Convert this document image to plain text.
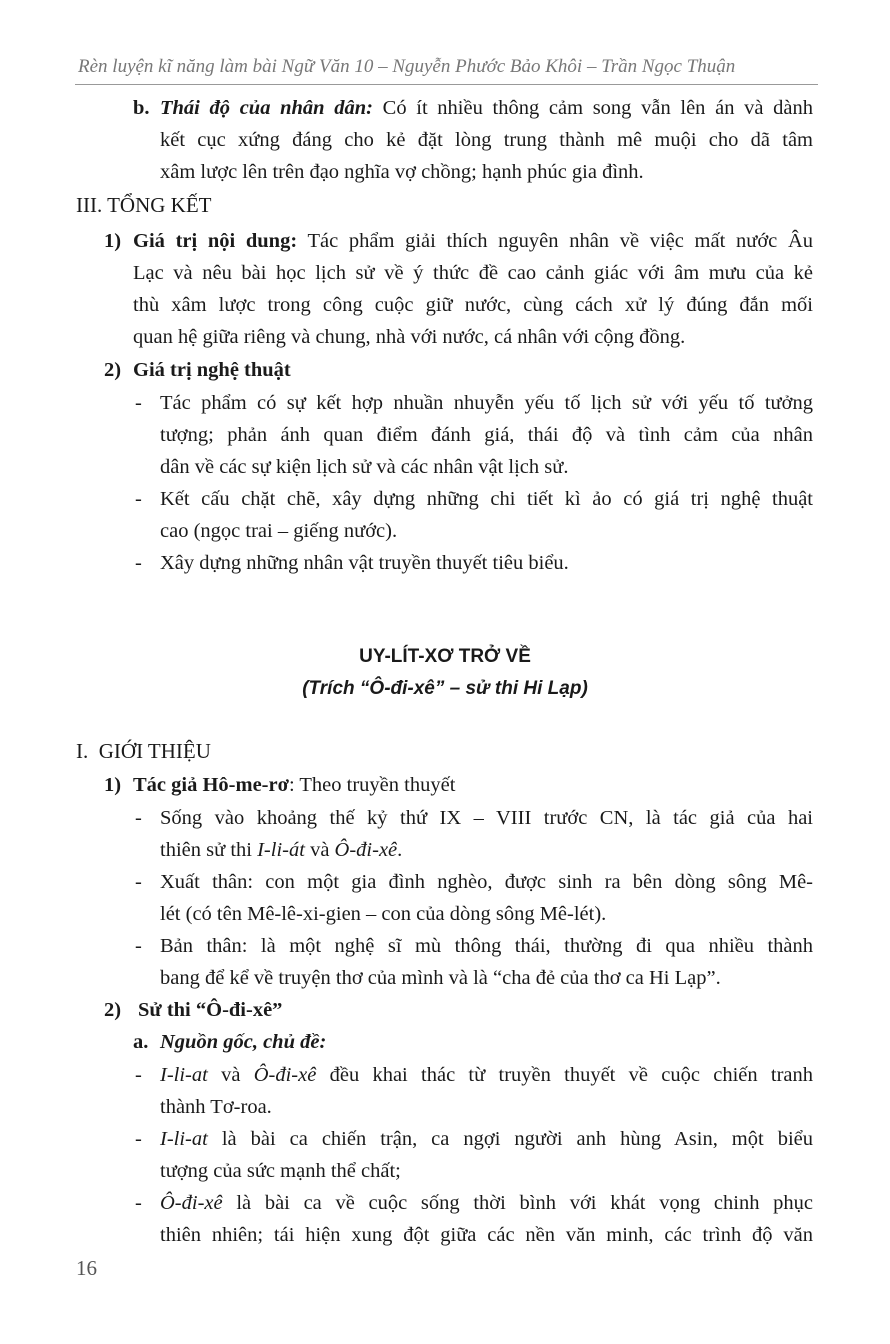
Rèn luyện kĩ năng làm bài Ngữ Văn 10 – Nguyễn Phước Bảo Khôi – Trần Ngọc Thuận
b. Thái độ của nhân dân: Có ít nhiều thông cảm song vẫn lên án và dành
kết cục xứng đáng cho kẻ đặt lòng trung thành mê muội cho dã tâm
xâm lược lên trên đạo nghĩa vợ chồng; hạnh phúc gia đình.
III. TỔNG KẾT
1) Giá trị nội dung: Tác phẩm giải thích nguyên nhân về việc mất nước Âu
Lạc và nêu bài học lịch sử về ý thức đề cao cảnh giác với âm mưu của kẻ
thù xâm lược trong công cuộc giữ nước, cùng cách xử lý đúng đắn mối
quan hệ giữa riêng và chung, nhà với nước, cá nhân với cộng đồng.
2) Giá trị nghệ thuật
- Tác phẩm có sự kết hợp nhuần nhuyễn yếu tố lịch sử với yếu tố tưởng
tượng; phản ánh quan điểm đánh giá, thái độ và tình cảm của nhân
dân về các sự kiện lịch sử và các nhân vật lịch sử.
- Kết cấu chặt chẽ, xây dựng những chi tiết kì ảo có giá trị nghệ thuật
cao (ngọc trai – giếng nước).
- Xây dựng những nhân vật truyền thuyết tiêu biểu.
UY-LÍT-XƠ TRỞ VỀ
(Trích “Ô-đi-xê” – sử thi Hi Lạp)
I.  GIỚI THIỆU
1) Tác giả Hô-me-rơ: Theo truyền thuyết
- Sống vào khoảng thế kỷ thứ IX – VIII trước CN, là tác giả của hai
thiên sử thi I-li-át và Ô-đi-xê.
- Xuất thân: con một gia đình nghèo, được sinh ra bên dòng sông Mê-
lét (có tên Mê-lê-xi-gien – con của dòng sông Mê-lét).
- Bản thân: là một nghệ sĩ mù thông thái, thường đi qua nhiều thành
bang để kể về truyện thơ của mình và là “cha đẻ của thơ ca Hi Lạp”.
2) Sử thi “Ô-đi-xê”
a. Nguồn gốc, chủ đề:
- I-li-at và Ô-đi-xê đều khai thác từ truyền thuyết về cuộc chiến tranh
thành Tơ-roa.
- I-li-at là bài ca chiến trận, ca ngợi người anh hùng Asin, một biểu
tượng của sức mạnh thể chất;
- Ô-đi-xê là bài ca về cuộc sống thời bình với khát vọng chinh phục
thiên nhiên; tái hiện xung đột giữa các nền văn minh, các trình độ văn
16
